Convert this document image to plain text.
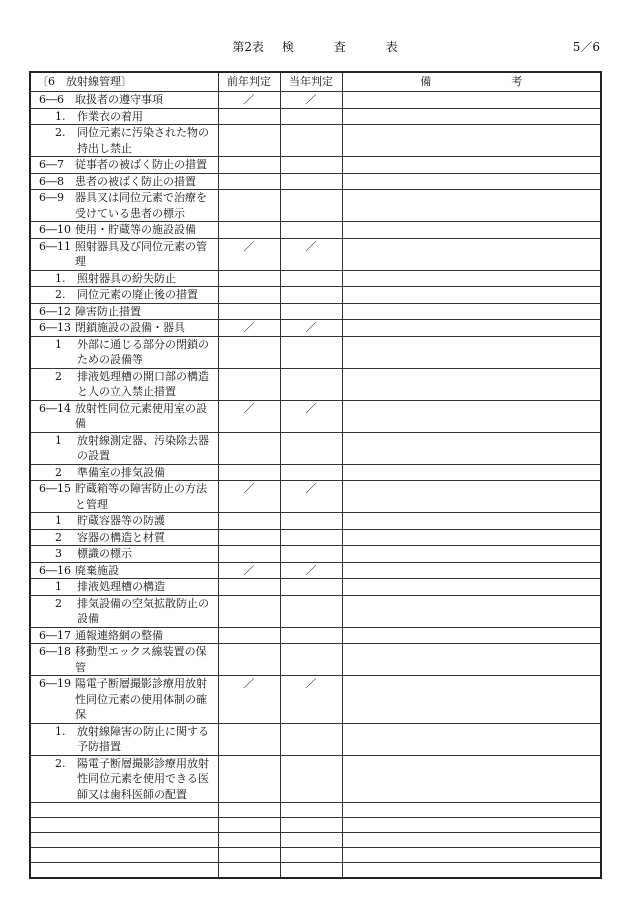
第2表 検	査	表	5／6
〔6　放射線管理〕	前年判定	当年判定	備 考

6―6 取扱者の遵守事項	／	／	

1. 作業衣の着用			

2. 同位元素に汚染された物の持出し禁止			

6―7 従事者の被ばく防止の措置			

6―8 患者の被ばく防止の措置			

6―9 器具又は同位元素で治療を受けている患者の標示			

6―10 使用・貯蔵等の施設設備			

6―11 照射器具及び同位元素の管理	／	／	

1. 照射器具の紛失防止			

2. 同位元素の廃止後の措置			

6―12 障害防止措置			

6―13 閉鎖施設の設備・器具	／	／	

1 外部に通じる部分の閉鎖のための設備等			

2 排液処理槽の開口部の構造と人の立入禁止措置			

6―14 放射性同位元素使用室の設備	／	／	

1 放射線測定器、汚染除去器の設置			

2 準備室の排気設備			

6―15 貯蔵箱等の障害防止の方法と管理	／	／	

1 貯蔵容器等の防護			

2 容器の構造と材質			

3 標識の標示			

6―16 廃棄施設	／	／	

1 排液処理槽の構造			

2 排気設備の空気拡散防止の設備			

6―17 通報連絡網の整備			

6―18 移動型エックス線装置の保管			

6―19 陽電子断層撮影診療用放射性同位元素の使用体制の確保	／	／	

1. 放射線障害の防止に関する予防措置			

2. 陽電子断層撮影診療用放射性同位元素を使用できる医師又は歯科医師の配置			
